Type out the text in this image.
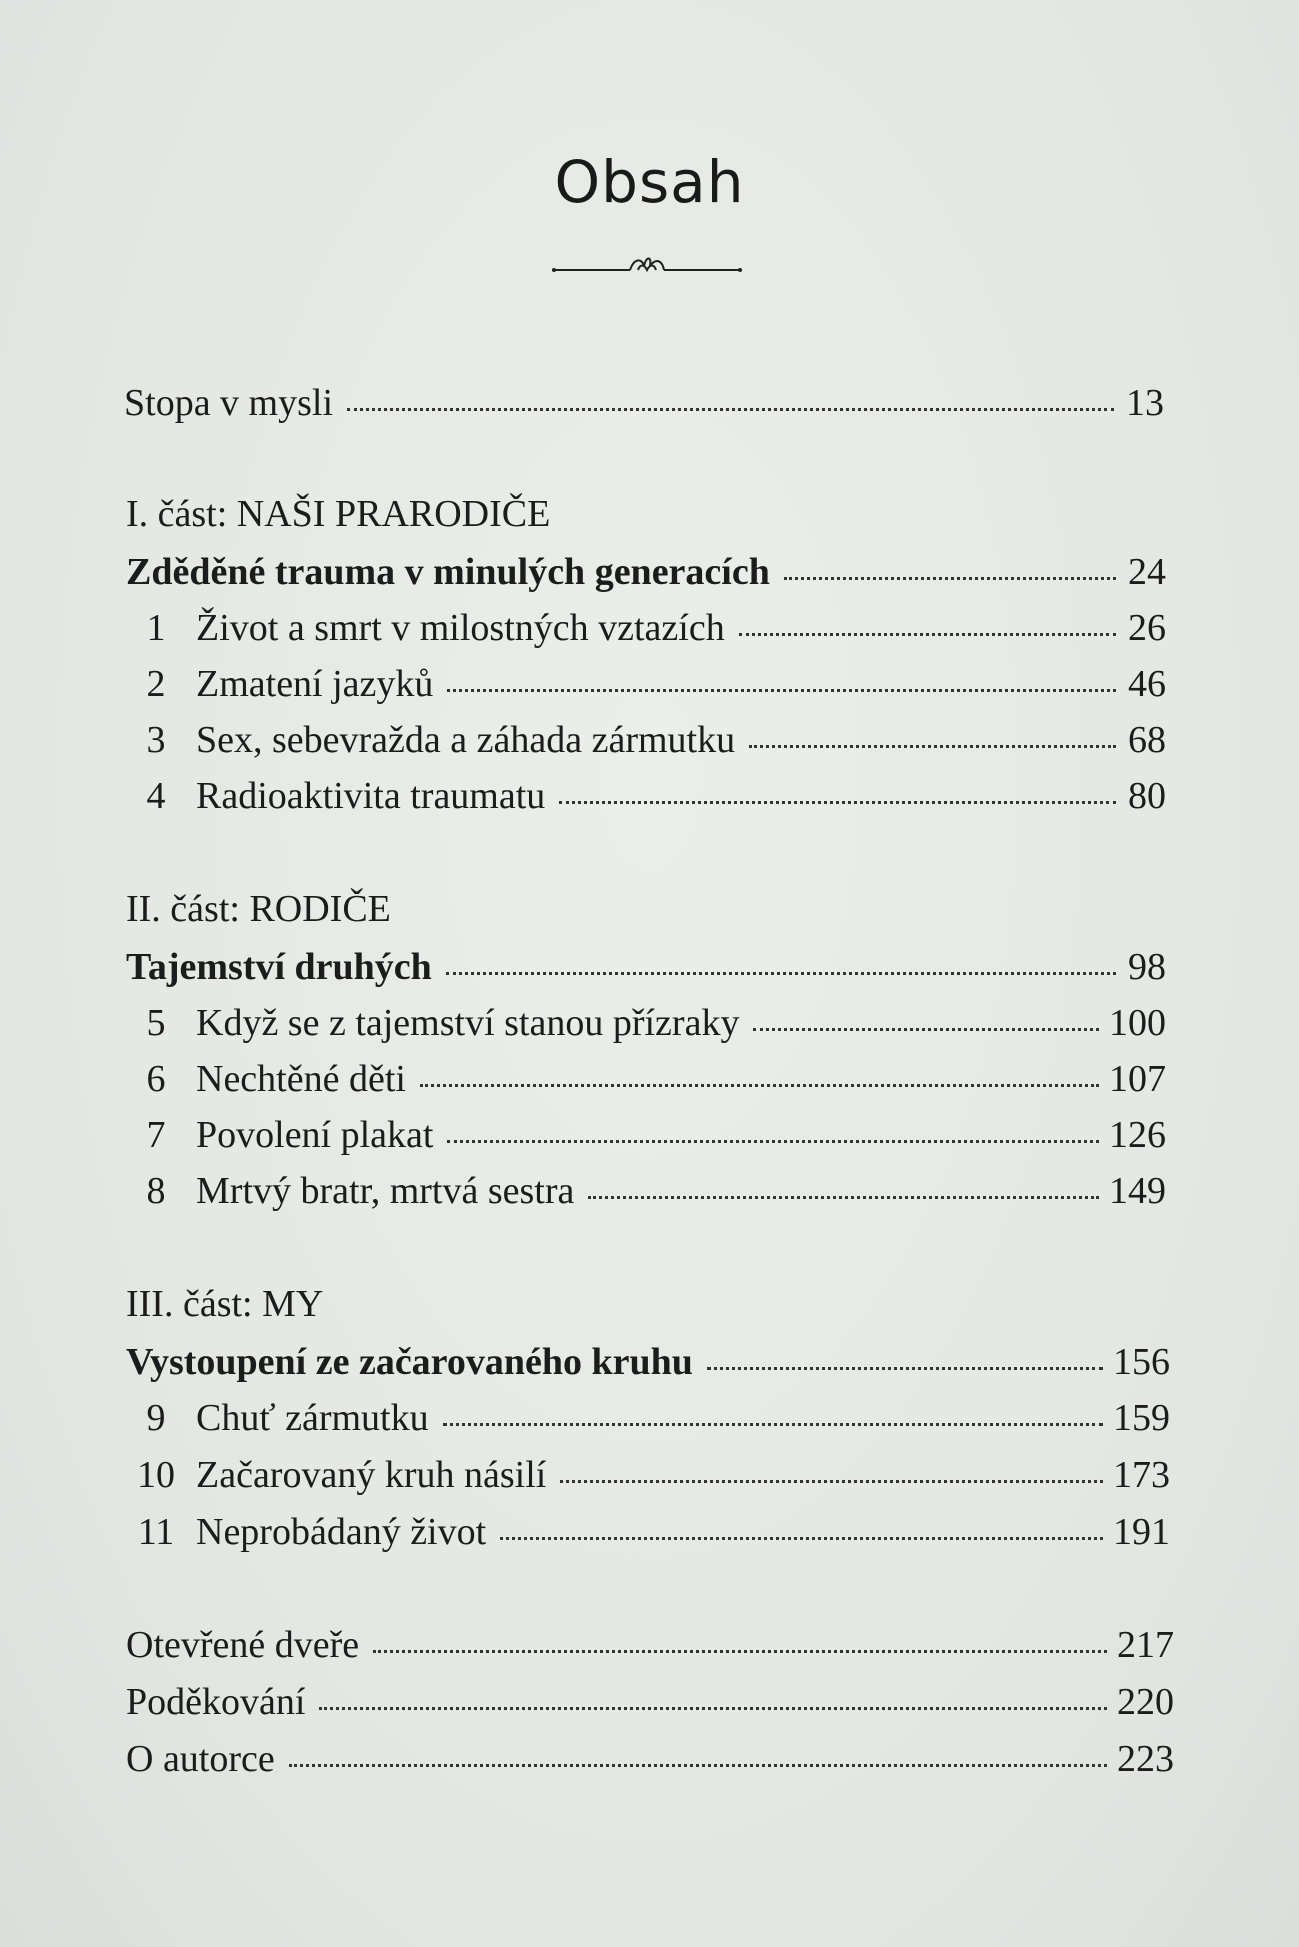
Obsah
Stopa v mysli	13
I. část: NAŠI PRARODIČE
Zděděné trauma v minulých generacích	24
1 Život a smrt v milostných vztazích	26
2 Zmatení jazyků	46
3 Sex, sebevražda a záhada zármutku	68
4 Radioaktivita traumatu	80
II. část: RODIČE
Tajemství druhých	98
5 Když se z tajemství stanou přízraky	100
6 Nechtěné děti	107
7 Povolení plakat	126
8 Mrtvý bratr, mrtvá sestra	149
III. část: MY
Vystoupení ze začarovaného kruhu	156
9 Chuť zármutku	159
10 Začarovaný kruh násilí	173
11 Neprobádaný život	191
Otevřené dveře	217
Poděkování	220
O autorce	223
